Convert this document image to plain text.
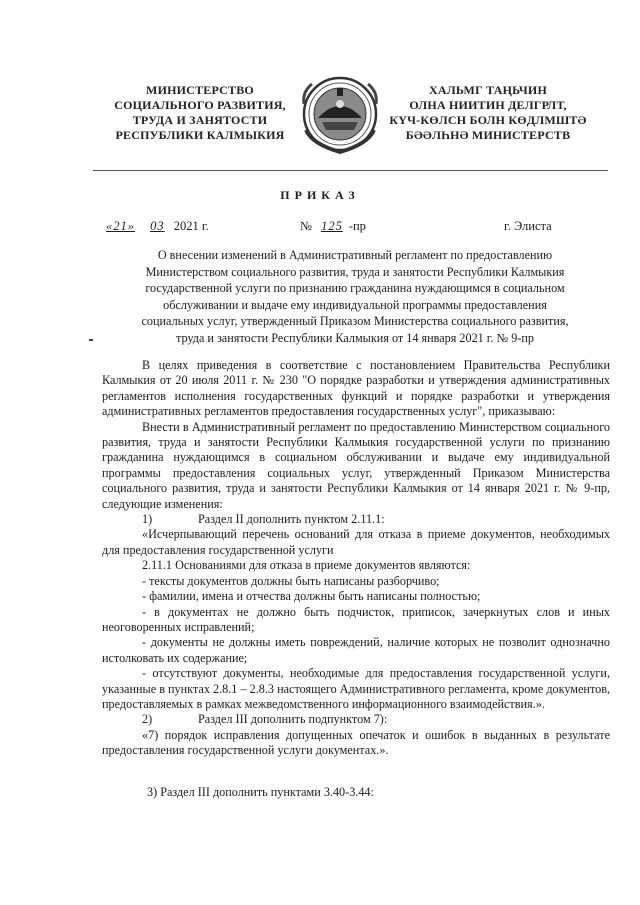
МИНИСТЕРСТВО
СОЦИАЛЬНОГО РАЗВИТИЯ,
ТРУДА И ЗАНЯТОСТИ
РЕСПУБЛИКИ КАЛМЫКИЯ
ХАЛЬМГ ТАҢЬЧИН
ОЛНА НИИТИН ДЕЛГРЛТ,
КҮЧ-КӨЛСН БОЛН КӨДЛМШТӘ
БӘӘЛҺНӘ МИНИСТЕРСТВ
ПРИКАЗ
«21» 03 2021 г.	№ 125 -пр	г. Элиста
О внесении изменений в Административный регламент по предоставлению
Министерством социального развития, труда и занятости Республики Калмыкия
государственной услуги по признанию гражданина нуждающимся в социальном
обслуживании и выдаче ему индивидуальной программы предоставления
социальных услуг, утвержденный Приказом Министерства социального развития,
труда и занятости Республики Калмыкия от 14 января 2021 г. № 9-пр
В целях приведения в соответствие с постановлением Правительства Республики Калмыкия от 20 июля 2011 г. № 230 "О порядке разработки и утверждения административных регламентов исполнения государственных функций и порядке разработки и утверждения административных регламентов предоставления государственных услуг", приказываю:
Внести в Административный регламент по предоставлению Министерством социального развития, труда и занятости Республики Калмыкия государственной услуги по признанию гражданина нуждающимся в социальном обслуживании и выдаче ему индивидуальной программы предоставления социальных услуг, утвержденный Приказом Министерства социального развития, труда и занятости Республики Калмыкия от 14 января 2021 г. № 9-пр, следующие изменения:
1)	Раздел II дополнить пунктом 2.11.1:
«Исчерпывающий перечень оснований для отказа в приеме документов, необходимых для предоставления государственной услуги
2.11.1 Основаниями для отказа в приеме документов являются:
- тексты документов должны быть написаны разборчиво;
- фамилии, имена и отчества должны быть написаны полностью;
- в документах не должно быть подчисток, приписок, зачеркнутых слов и иных неоговоренных исправлений;
- документы не должны иметь повреждений, наличие которых не позволит однозначно истолковать их содержание;
- отсутствуют документы, необходимые для предоставления государственной услуги, указанные в пунктах 2.8.1 – 2.8.3 настоящего Административного регламента, кроме документов, предоставляемых в рамках межведомственного информационного взаимодействия.».
2)	Раздел III дополнить подпунктом 7):
«7) порядок исправления допущенных опечаток и ошибок в выданных в результате предоставления государственной услуги документах.».
3) Раздел III дополнить пунктами 3.40-3.44:
